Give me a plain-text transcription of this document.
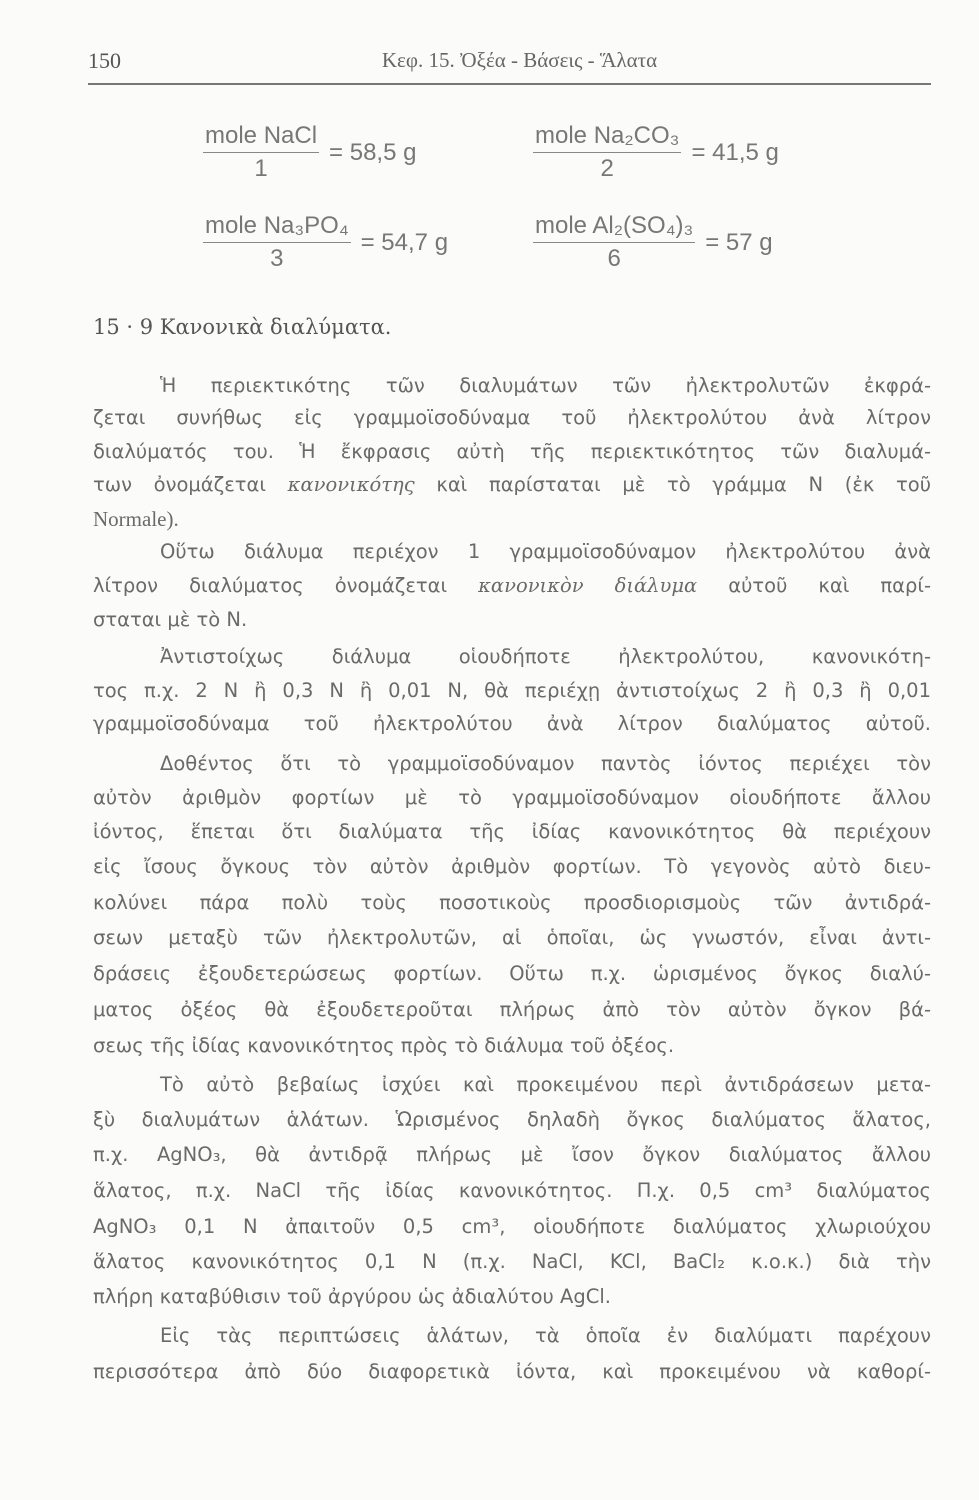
150	Κεφ. 15. Ὀξέα - Βάσεις - Ἅλατα
$\frac{\text{mole NaCl}}{1} = 58,5$ g	$\frac{\text{mole Na₂CO₃}}{2} = 41,5$ g
$\frac{\text{mole Na₃PO₄}}{3} = 54,7$ g	$\frac{\text{mole Al₂(SO₄)₃}}{6} = 57$ g
15 · 9 Κανονικὰ διαλύματα.
Ἡ περιεκτικότης τῶν διαλυμάτων τῶν ἠλεκτρολυτῶν ἐκφρά-
ζεται συνήθως εἰς γραμμοϊσοδύναμα τοῦ ἠλεκτρολύτου ἀνὰ λίτρον
διαλύματός του. Ἡ ἔκφρασις αὐτὴ τῆς περιεκτικότητος τῶν διαλυμά-
των ὀνομάζεται κανονικότης καὶ παρίσταται μὲ τὸ γράμμα N (ἐκ τοῦ
Normale).
Οὕτω διάλυμα περιέχον 1 γραμμοϊσοδύναμον ἠλεκτρολύτου ἀνὰ
λίτρον διαλύματος ὀνομάζεται κανονικὸν διάλυμα αὐτοῦ καὶ παρί-
σταται μὲ τὸ N.
Ἀντιστοίχως διάλυμα οἱουδήποτε ἠλεκτρολύτου, κανονικότη-
τος π.χ. 2 N ἢ 0,3 N ἢ 0,01 N, θὰ περιέχῃ ἀντιστοίχως 2 ἢ 0,3 ἢ 0,01
γραμμοϊσοδύναμα τοῦ ἠλεκτρολύτου ἀνὰ λίτρον διαλύματος αὐτοῦ.
Δοθέντος ὅτι τὸ γραμμοϊσοδύναμον παντὸς ἰόντος περιέχει τὸν
αὐτὸν ἀριθμὸν φορτίων μὲ τὸ γραμμοϊσοδύναμον οἱουδήποτε ἄλλου
ἰόντος, ἕπεται ὅτι διαλύματα τῆς ἰδίας κανονικότητος θὰ περιέχουν
εἰς ἴσους ὄγκους τὸν αὐτὸν ἀριθμὸν φορτίων. Τὸ γεγονὸς αὐτὸ διευ-
κολύνει πάρα πολὺ τοὺς ποσοτικοὺς προσδιορισμοὺς τῶν ἀντιδρά-
σεων μεταξὺ τῶν ἠλεκτρολυτῶν, αἱ ὁποῖαι, ὡς γνωστόν, εἶναι ἀντι-
δράσεις ἐξουδετερώσεως φορτίων. Οὕτω π.χ. ὡρισμένος ὄγκος διαλύ-
ματος ὀξέος θὰ ἐξουδετεροῦται πλήρως ἀπὸ τὸν αὐτὸν ὄγκον βά-
σεως τῆς ἰδίας κανονικότητος πρὸς τὸ διάλυμα τοῦ ὀξέος.
Τὸ αὐτὸ βεβαίως ἰσχύει καὶ προκειμένου περὶ ἀντιδράσεων μετα-
ξὺ διαλυμάτων ἁλάτων. Ὡρισμένος δηλαδὴ ὄγκος διαλύματος ἅλατος,
π.χ. AgNO₃, θὰ ἀντιδρᾷ πλήρως μὲ ἴσον ὄγκον διαλύματος ἄλλου
ἅλατος, π.χ. NaCl τῆς ἰδίας κανονικότητος. Π.χ. 0,5 cm³ διαλύματος
AgNO₃ 0,1 N ἀπαιτοῦν 0,5 cm³, οἱουδήποτε διαλύματος χλωριούχου
ἅλατος κανονικότητος 0,1 N (π.χ. NaCl, KCl, BaCl₂ κ.ο.κ.) διὰ τὴν
πλήρη καταβύθισιν τοῦ ἀργύρου ὡς ἀδιαλύτου AgCl.
Εἰς τὰς περιπτώσεις ἁλάτων, τὰ ὁποῖα ἐν διαλύματι παρέχουν
περισσότερα ἀπὸ δύο διαφορετικὰ ἰόντα, καὶ προκειμένου νὰ καθορί-
